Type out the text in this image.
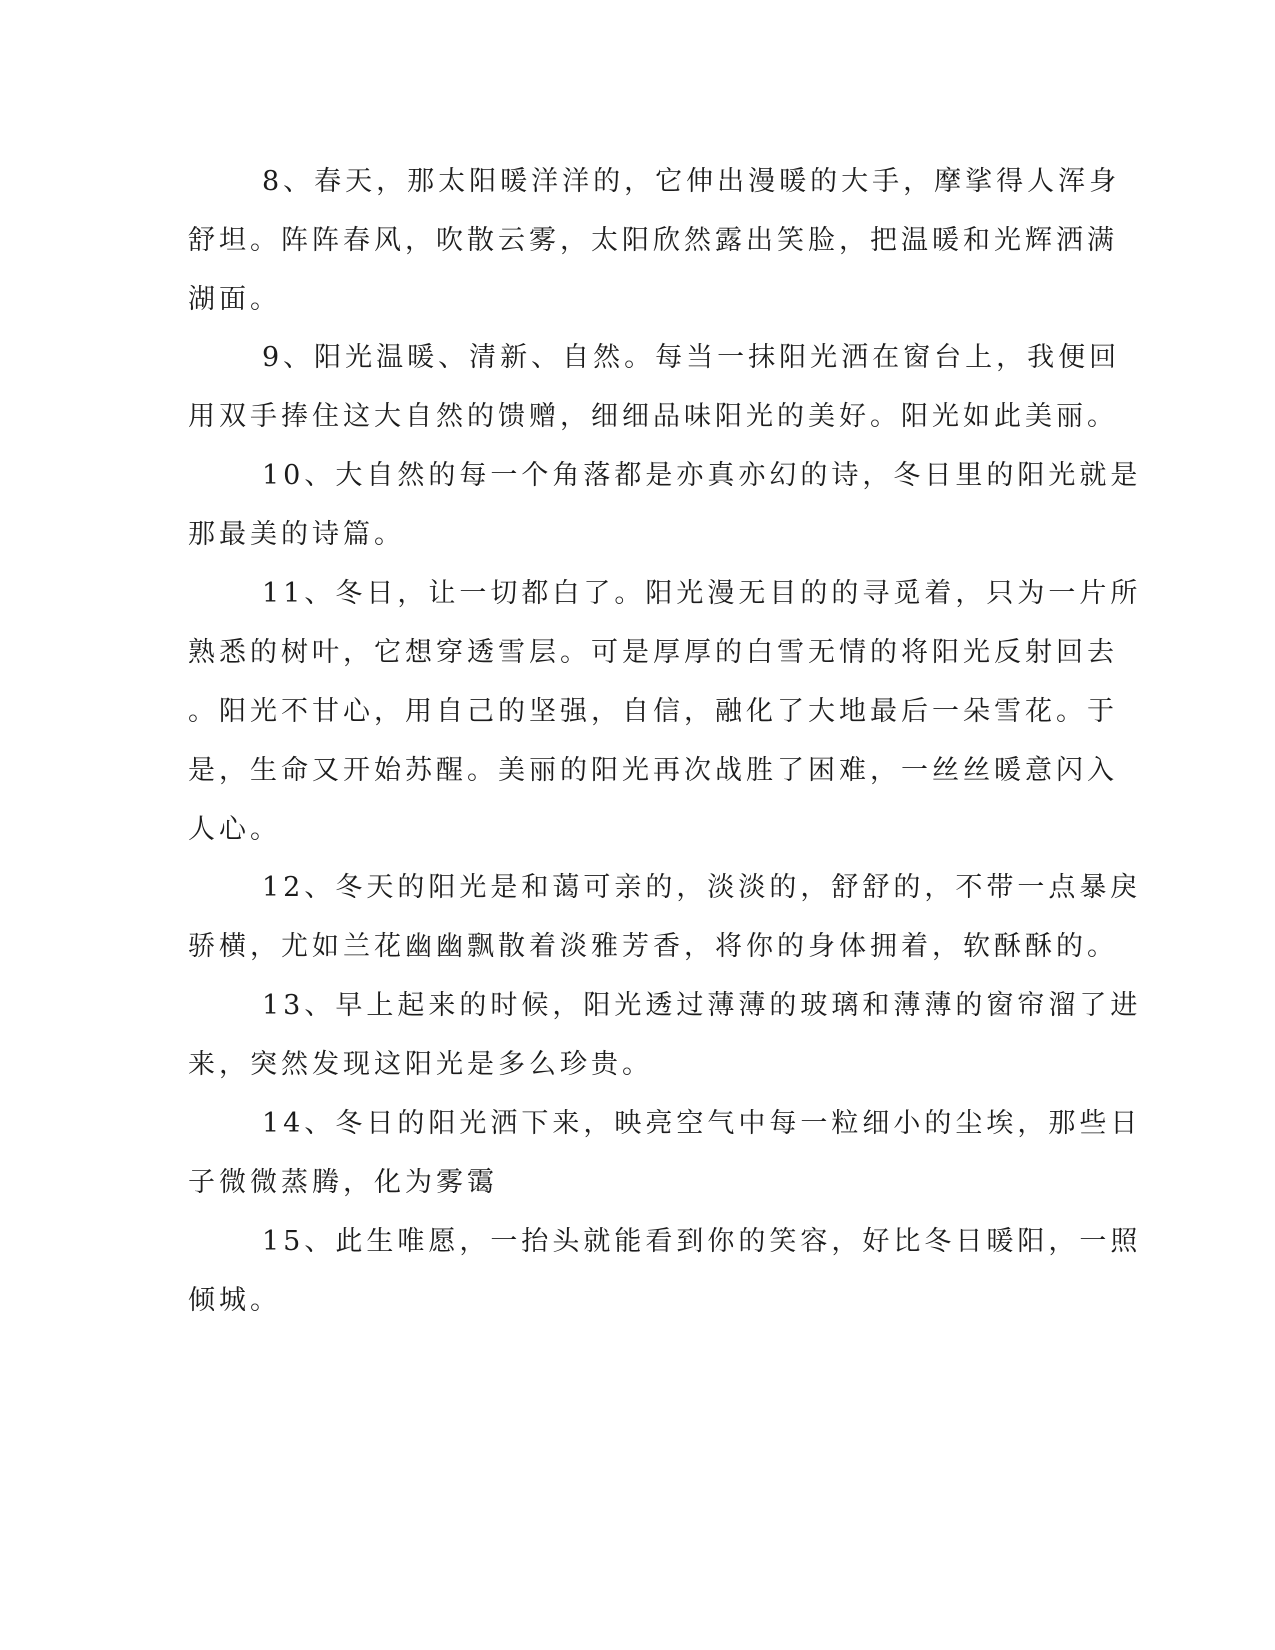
8、春天，那太阳暖洋洋的，它伸出漫暖的大手，摩挲得人浑身
舒坦。阵阵春风，吹散云雾，太阳欣然露出笑脸，把温暖和光辉洒满
湖面。
9、阳光温暖、清新、自然。每当一抹阳光洒在窗台上，我便回
用双手捧住这大自然的馈赠，细细品味阳光的美好。阳光如此美丽。
10、大自然的每一个角落都是亦真亦幻的诗，冬日里的阳光就是
那最美的诗篇。
11、冬日，让一切都白了。阳光漫无目的的寻觅着，只为一片所
熟悉的树叶，它想穿透雪层。可是厚厚的白雪无情的将阳光反射回去
。阳光不甘心，用自己的坚强，自信，融化了大地最后一朵雪花。于
是，生命又开始苏醒。美丽的阳光再次战胜了困难，一丝丝暖意闪入
人心。
12、冬天的阳光是和蔼可亲的，淡淡的，舒舒的，不带一点暴戾
骄横，尤如兰花幽幽飘散着淡雅芳香，将你的身体拥着，软酥酥的。
13、早上起来的时候，阳光透过薄薄的玻璃和薄薄的窗帘溜了进
来，突然发现这阳光是多么珍贵。
14、冬日的阳光洒下来，映亮空气中每一粒细小的尘埃，那些日
子微微蒸腾，化为雾霭
15、此生唯愿，一抬头就能看到你的笑容，好比冬日暖阳，一照
倾城。
